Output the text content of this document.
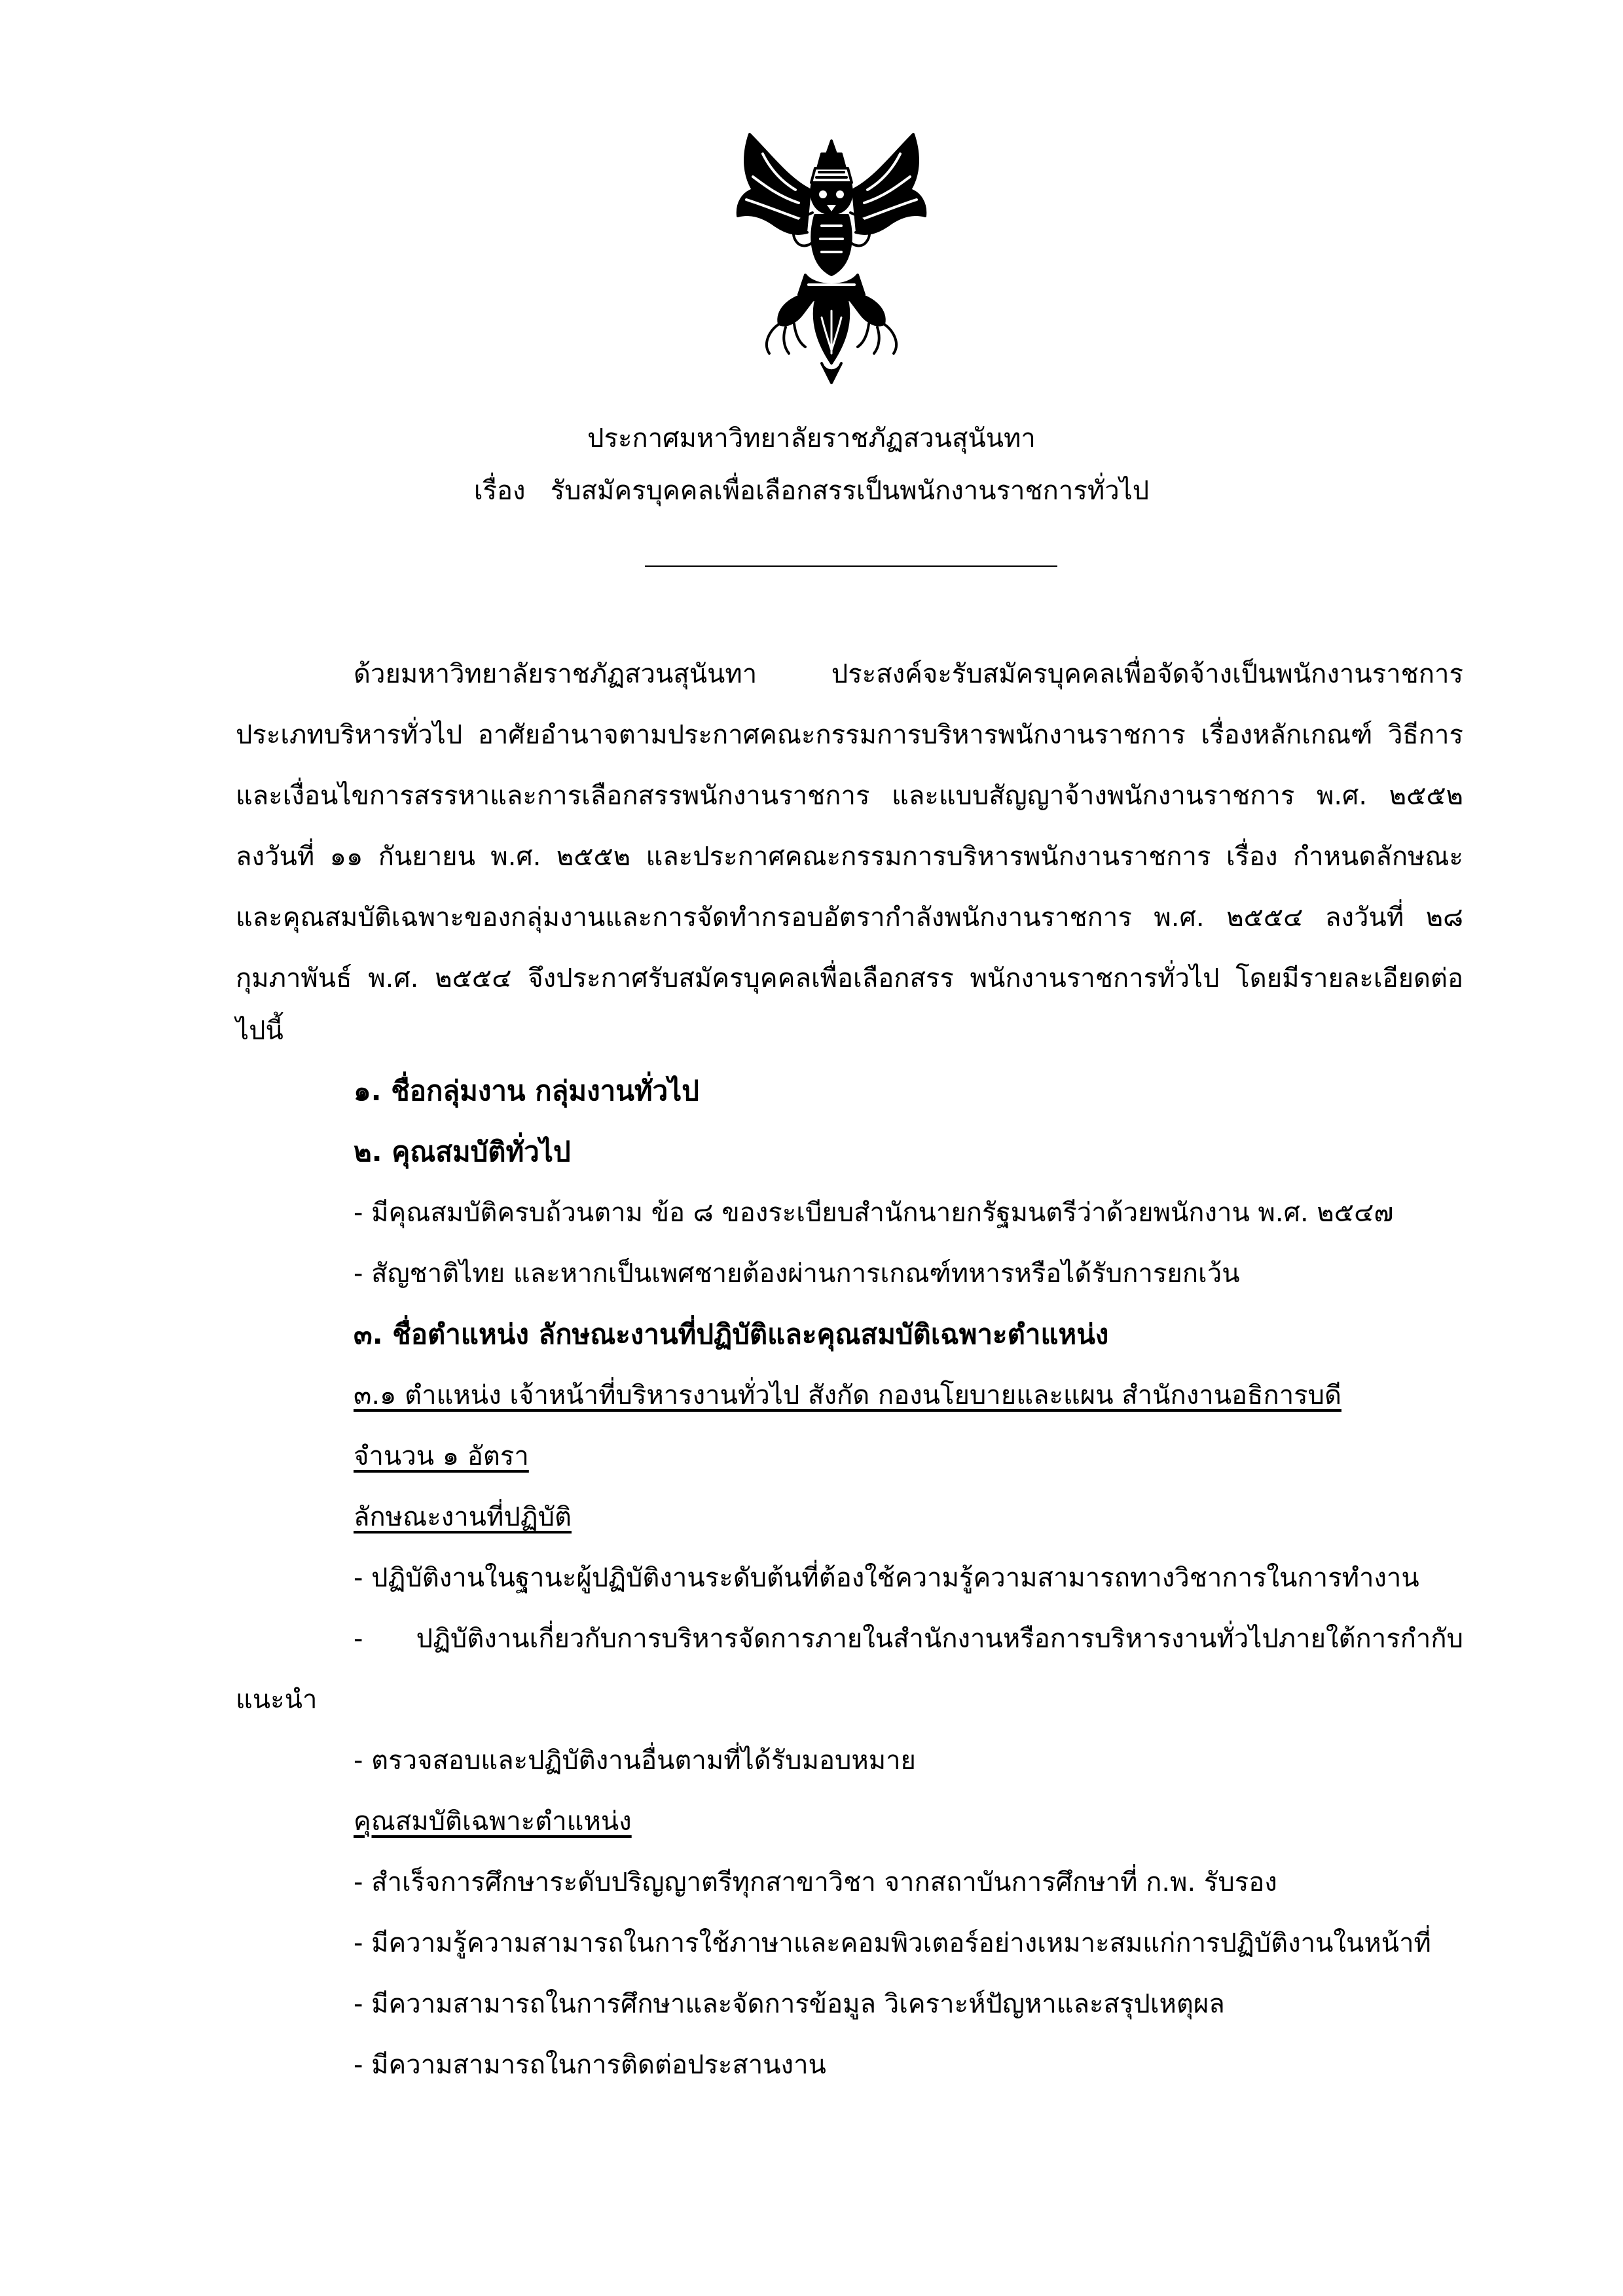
ประกาศมหาวิทยาลัยราชภัฏสวนสุนันทา
เรื่อง รับสมัครบุคคลเพื่อเลือกสรรเป็นพนักงานราชการทั่วไป
ด้วยมหาวิทยาลัยราชภัฏสวนสุนันทา	ประสงค์จะรับสมัครบุคคลเพื่อจัดจ้างเป็นพนักงานราชการ
ประเภทบริหารทั่วไป อาศัยอำนาจตามประกาศคณะกรรมการบริหารพนักงานราชการ เรื่องหลักเกณฑ์ วิธีการ
และเงื่อนไขการสรรหาและการเลือกสรรพนักงานราชการ และแบบสัญญาจ้างพนักงานราชการ พ.ศ. ๒๕๕๒
ลงวันที่ ๑๑ กันยายน พ.ศ. ๒๕๕๒ และประกาศคณะกรรมการบริหารพนักงานราชการ เรื่อง กำหนดลักษณะ
และคุณสมบัติเฉพาะของกลุ่มงานและการจัดทำกรอบอัตรากำลังพนักงานราชการ พ.ศ. ๒๕๕๔ ลงวันที่ ๒๘
กุมภาพันธ์ พ.ศ. ๒๕๕๔ จึงประกาศรับสมัครบุคคลเพื่อเลือกสรร พนักงานราชการทั่วไป โดยมีรายละเอียดต่อ
ไปนี้
๑. ชื่อกลุ่มงาน กลุ่มงานทั่วไป
๒. คุณสมบัติทั่วไป
- มีคุณสมบัติครบถ้วนตาม ข้อ ๘ ของระเบียบสำนักนายกรัฐมนตรีว่าด้วยพนักงาน พ.ศ. ๒๕๔๗
- สัญชาติไทย และหากเป็นเพศชายต้องผ่านการเกณฑ์ทหารหรือได้รับการยกเว้น
๓. ชื่อตำแหน่ง ลักษณะงานที่ปฏิบัติและคุณสมบัติเฉพาะตำแหน่ง
๓.๑ ตำแหน่ง เจ้าหน้าที่บริหารงานทั่วไป สังกัด กองนโยบายและแผน สำนักงานอธิการบดี
จำนวน ๑ อัตรา
ลักษณะงานที่ปฏิบัติ
- ปฏิบัติงานในฐานะผู้ปฏิบัติงานระดับต้นที่ต้องใช้ความรู้ความสามารถทางวิชาการในการทำงาน
- ปฏิบัติงานเกี่ยวกับการบริหารจัดการภายในสำนักงานหรือการบริหารงานทั่วไปภายใต้การกำกับ
แนะนำ
- ตรวจสอบและปฏิบัติงานอื่นตามที่ได้รับมอบหมาย
คุณสมบัติเฉพาะตำแหน่ง
- สำเร็จการศึกษาระดับปริญญาตรีทุกสาขาวิชา จากสถาบันการศึกษาที่ ก.พ. รับรอง
- มีความรู้ความสามารถในการใช้ภาษาและคอมพิวเตอร์อย่างเหมาะสมแก่การปฏิบัติงานในหน้าที่
- มีความสามารถในการศึกษาและจัดการข้อมูล วิเคราะห์ปัญหาและสรุปเหตุผล
- มีความสามารถในการติดต่อประสานงาน
